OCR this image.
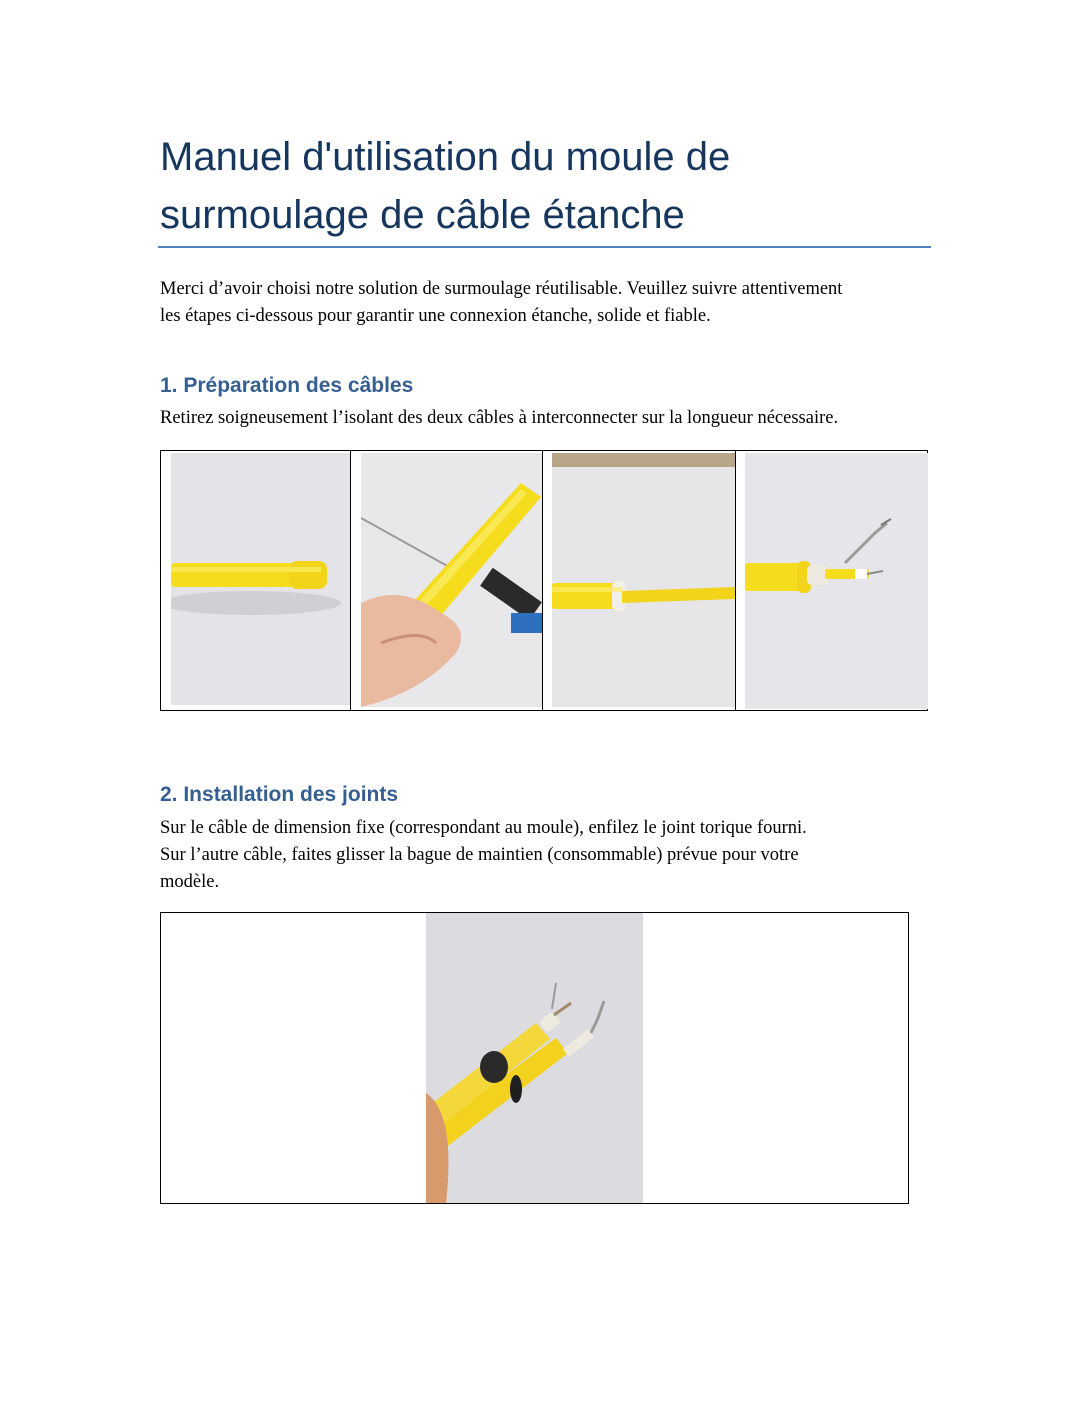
Manuel d'utilisation du moule de
surmoulage de câble étanche

Merci d’avoir choisi notre solution de surmoulage réutilisable. Veuillez suivre attentivement
les étapes ci-dessous pour garantir une connexion étanche, solide et fiable.

1. Préparation des câbles

Retirez soigneusement l’isolant des deux câbles à interconnecter sur la longueur nécessaire.

2. Installation des joints

Sur le câble de dimension fixe (correspondant au moule), enfilez le joint torique fourni.
Sur l’autre câble, faites glisser la bague de maintien (consommable) prévue pour votre
modèle.
